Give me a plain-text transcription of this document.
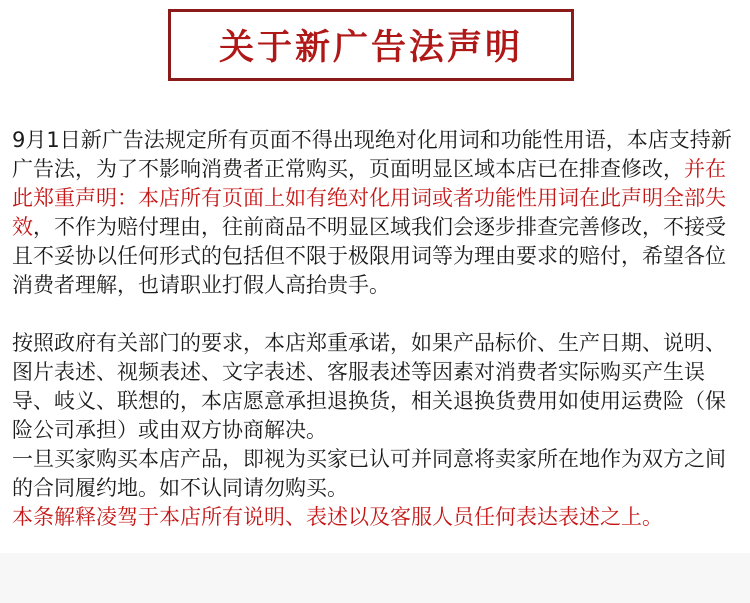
关于新广告法声明

9月1日新广告法规定所有页面不得出现绝对化用词和功能性用语，本店支持新广告法，为了不影响消费者正常购买，页面明显区域本店已在排查修改，并在此郑重声明：本店所有页面上如有绝对化用词或者功能性用词在此声明全部失效，不作为赔付理由，往前商品不明显区域我们会逐步排查完善修改，不接受且不妥协以任何形式的包括但不限于极限用词等为理由要求的赔付，希望各位消费者理解，也请职业打假人高抬贵手。

按照政府有关部门的要求，本店郑重承诺，如果产品标价、生产日期、说明、图片表述、视频表述、文字表述、客服表述等因素对消费者实际购买产生误导、岐义、联想的，本店愿意承担退换货，相关退换货费用如使用运费险（保险公司承担）或由双方协商解决。

一旦买家购买本店产品，即视为买家已认可并同意将卖家所在地作为双方之间的合同履约地。如不认同请勿购买。

本条解释凌驾于本店所有说明、表述以及客服人员任何表达表述之上。
